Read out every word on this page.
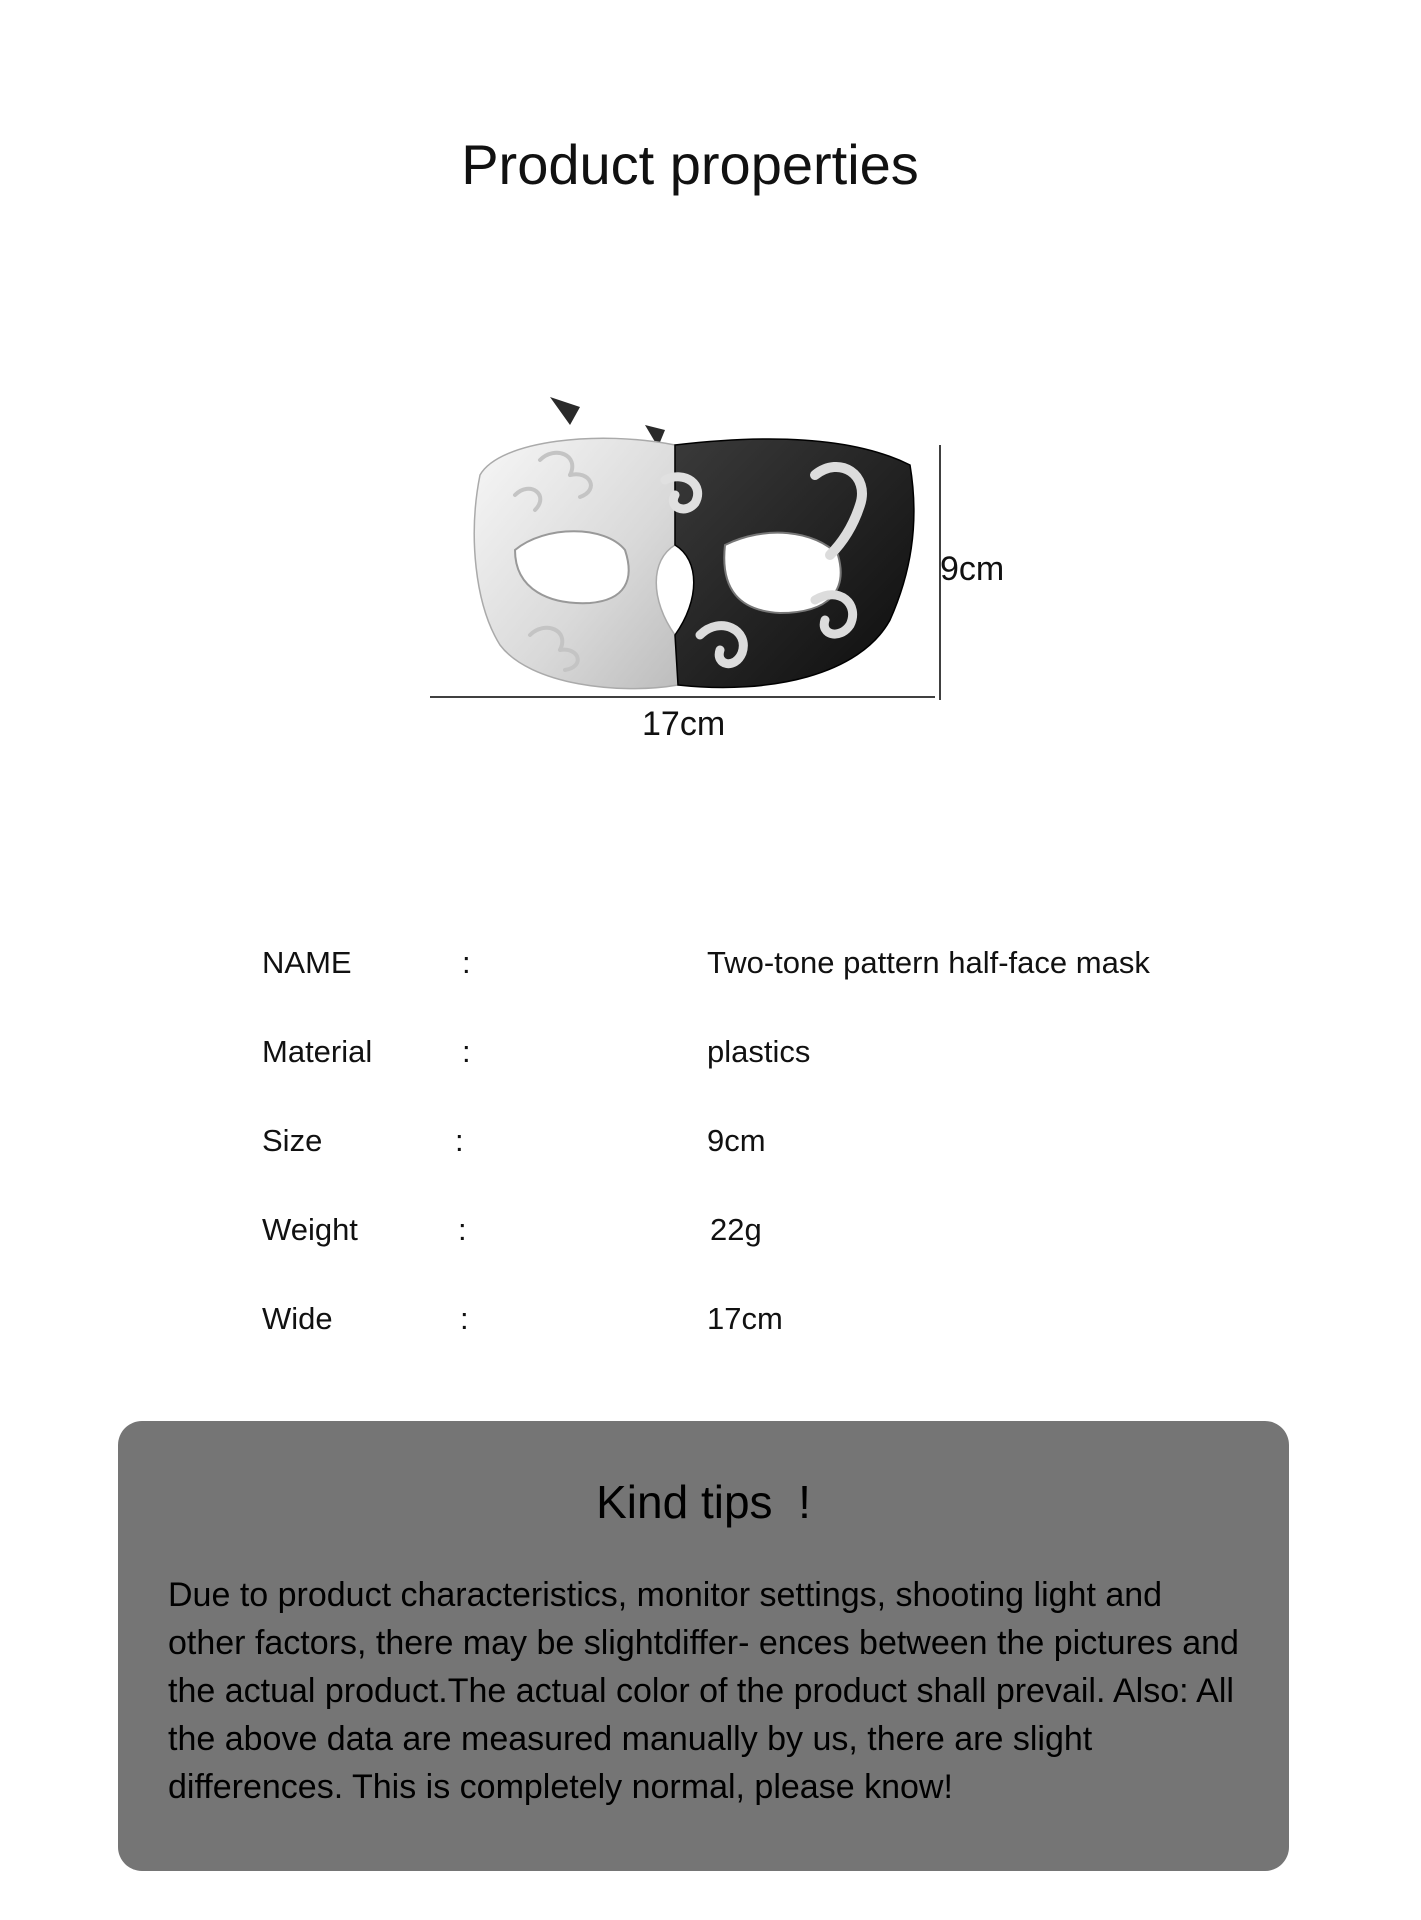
Product properties
9cm
17cm
NAME	:	Two-tone pattern half-face mask
Material	:	plastics
Size	:	9cm
Weight	:	22g
Wide	:	17cm
Kind tips  !

Due to product characteristics, monitor settings, shooting light and other factors, there may be slightdiffer- ences between the pictures and the actual product.The actual color of the product shall prevail. Also: All the above data are measured manually by us, there are slight differences. This is completely normal, please know!
